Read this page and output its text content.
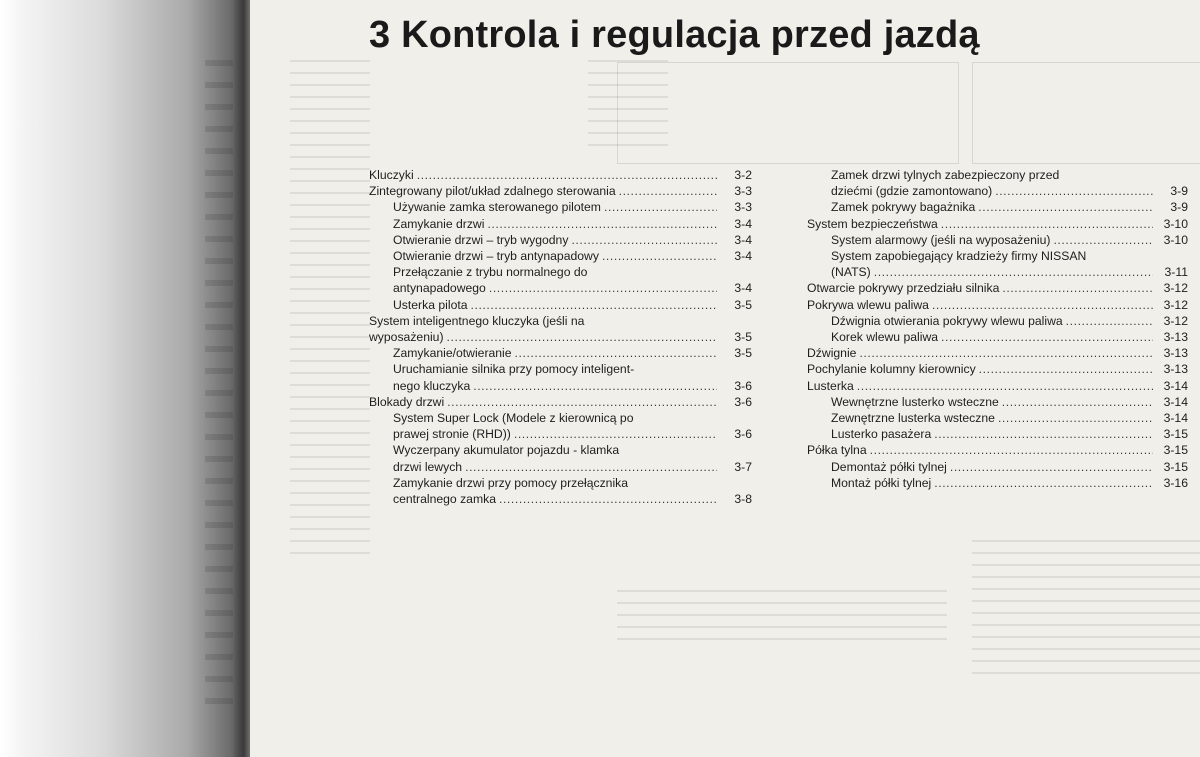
3 Kontrola i regulacja przed jazdą
Kluczyki . . .	3-2
Zintegrowany pilot/układ zdalnego sterowania . . .	3-3
Używanie zamka sterowanego pilotem . . .	3-3
Zamykanie drzwi . . .	3-4
Otwieranie drzwi – tryb wygodny . . .	3-4
Otwieranie drzwi – tryb antynapadowy . . .	3-4
Przełączanie z trybu normalnego do
antynapadowego . . .	3-4
Usterka pilota . . .	3-5
System inteligentnego kluczyka (jeśli na
wyposażeniu) . . .	3-5
Zamykanie/otwieranie . . .	3-5
Uruchamianie silnika przy pomocy inteligent-
nego kluczyka . . .	3-6
Blokady drzwi . . .	3-6
System Super Lock (Modele z kierownicą po
prawej stronie (RHD)) . . .	3-6
Wyczerpany akumulator pojazdu - klamka
drzwi lewych . . .	3-7
Zamykanie drzwi przy pomocy przełącznika
centralnego zamka . . .	3-8
Zamek drzwi tylnych zabezpieczony przed
dziećmi (gdzie zamontowano) . . .	3-9
Zamek pokrywy bagażnika . . .	3-9
System bezpieczeństwa . . .	3-10
System alarmowy (jeśli na wyposażeniu) . . .	3-10
System zapobiegający kradzieży firmy NISSAN
(NATS) . . .	3-11
Otwarcie pokrywy przedziału silnika . . .	3-12
Pokrywa wlewu paliwa . . .	3-12
Dźwignia otwierania pokrywy wlewu paliwa . . .	3-12
Korek wlewu paliwa . . .	3-13
Dźwignie . . .	3-13
Pochylanie kolumny kierownicy . . .	3-13
Lusterka . . .	3-14
Wewnętrzne lusterko wsteczne . . .	3-14
Zewnętrzne lusterka wsteczne . . .	3-14
Lusterko pasażera . . .	3-15
Półka tylna . . .	3-15
Demontaż półki tylnej . . .	3-15
Montaż półki tylnej . . .	3-16
